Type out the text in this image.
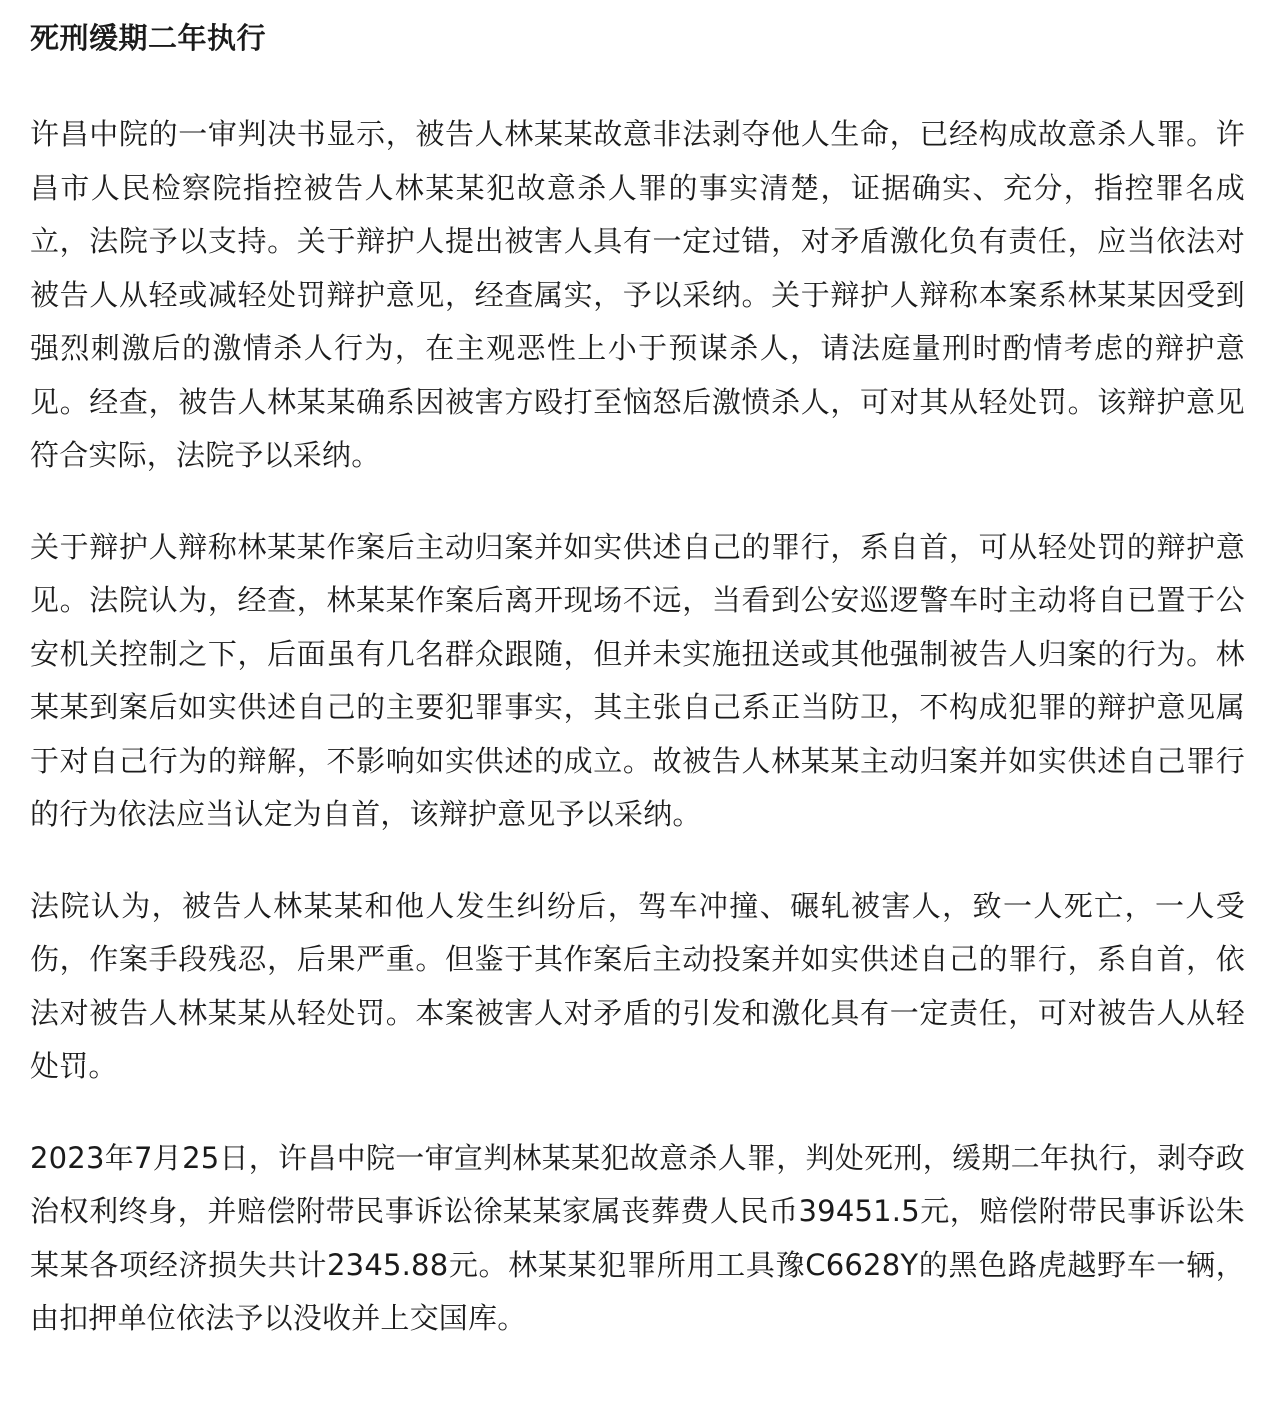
死刑缓期二年执行

许昌中院的一审判决书显示，被告人林某某故意非法剥夺他人生命，已经构成故意杀人罪。许昌市人民检察院指控被告人林某某犯故意杀人罪的事实清楚，证据确实、充分，指控罪名成立，法院予以支持。关于辩护人提出被害人具有一定过错，对矛盾激化负有责任，应当依法对被告人从轻或减轻处罚辩护意见，经查属实，予以采纳。关于辩护人辩称本案系林某某因受到强烈刺激后的激情杀人行为，在主观恶性上小于预谋杀人，请法庭量刑时酌情考虑的辩护意见。经查，被告人林某某确系因被害方殴打至恼怒后激愤杀人，可对其从轻处罚。该辩护意见符合实际，法院予以采纳。

关于辩护人辩称林某某作案后主动归案并如实供述自己的罪行，系自首，可从轻处罚的辩护意见。法院认为，经查，林某某作案后离开现场不远，当看到公安巡逻警车时主动将自已置于公安机关控制之下，后面虽有几名群众跟随，但并未实施扭送或其他强制被告人归案的行为。林某某到案后如实供述自己的主要犯罪事实，其主张自己系正当防卫，不构成犯罪的辩护意见属于对自己行为的辩解，不影响如实供述的成立。故被告人林某某主动归案并如实供述自己罪行的行为依法应当认定为自首，该辩护意见予以采纳。

法院认为，被告人林某某和他人发生纠纷后，驾车冲撞、碾轧被害人，致一人死亡，一人受伤，作案手段残忍，后果严重。但鉴于其作案后主动投案并如实供述自己的罪行，系自首，依法对被告人林某某从轻处罚。本案被害人对矛盾的引发和激化具有一定责任，可对被告人从轻处罚。

2023年7月25日，许昌中院一审宣判林某某犯故意杀人罪，判处死刑，缓期二年执行，剥夺政治权利终身，并赔偿附带民事诉讼徐某某家属丧葬费人民币39451.5元，赔偿附带民事诉讼朱某某各项经济损失共计2345.88元。林某某犯罪所用工具豫C6628Y的黑色路虎越野车一辆，由扣押单位依法予以没收并上交国库。
